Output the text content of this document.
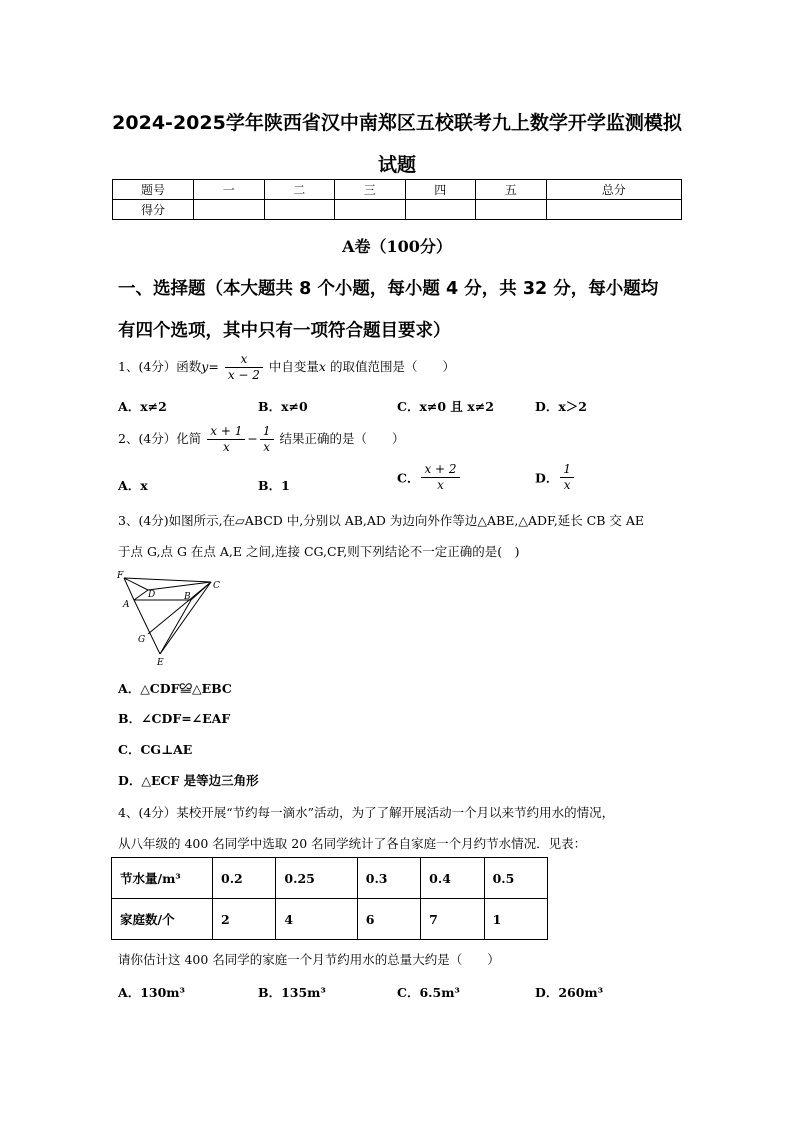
2024-2025学年陕西省汉中南郑区五校联考九上数学开学监测模拟
试题
题号	一	二	三	四	五	总分
得分						
A卷（100分）
一、选择题（本大题共 8 个小题，每小题 4 分，共 32 分，每小题均
有四个选项，其中只有一项符合题目要求）
1、(4分）函数$y= \frac{x}{x - 2}$ 中自变量x 的取值范围是（　　）
A．x≠2	B．x≠0	C．x≠0 且 x≠2	D．x＞2
2、(4分）化简 $\frac{x + 1}{x} - \frac{1}{x}$ 结果正确的是（　　）
A．x	B．1	C． $\frac{x + 2}{x}$	D． $\frac{1}{x}$
3、(4分)如图所示,在▱ABCD 中,分别以 AB,AD 为边向外作等边△ABE,△ADF,延长 CB 交 AE
于点 G,点 G 在点 A,E 之间,连接 CG,CF,则下列结论不一定正确的是(　)
F
D
C
A
B
G
E
A．△CDF≌△EBC
B．∠CDF=∠EAF
C．CG⊥AE
D．△ECF 是等边三角形
4、(4分）某校开展“节约每一滴水”活动，为了了解开展活动一个月以来节约用水的情况，
从八年级的 400 名同学中选取 20 名同学统计了各自家庭一个月约节水情况．见表：
节水量/m³	0.2	0.25	0.3	0.4	0.5
家庭数/个	2	4	6	7	1
请你估计这 400 名同学的家庭一个月节约用水的总量大约是（　　）
A．130m³	B．135m³	C．6.5m³	D．260m³
